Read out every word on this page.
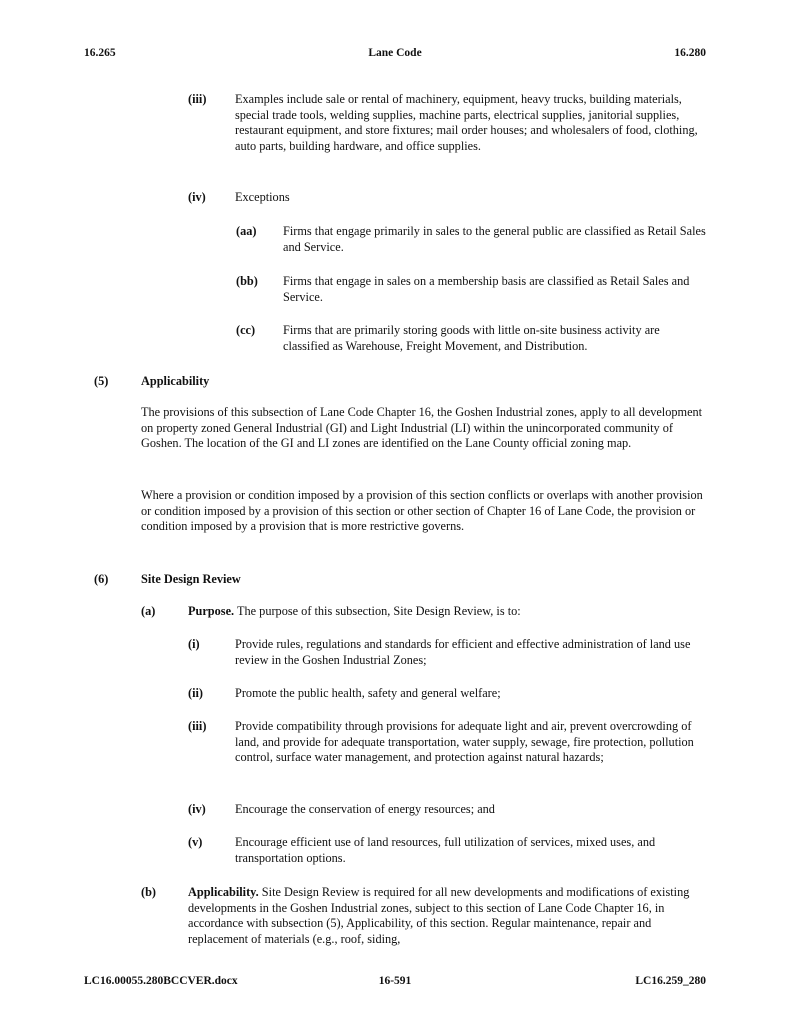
16.265	Lane Code	16.280
(iii) Examples include sale or rental of machinery, equipment, heavy trucks, building materials, special trade tools, welding supplies, machine parts, electrical supplies, janitorial supplies, restaurant equipment, and store fixtures; mail order houses; and wholesalers of food, clothing, auto parts, building hardware, and office supplies.
(iv) Exceptions
(aa) Firms that engage primarily in sales to the general public are classified as Retail Sales and Service.
(bb) Firms that engage in sales on a membership basis are classified as Retail Sales and Service.
(cc) Firms that are primarily storing goods with little on-site business activity are classified as Warehouse, Freight Movement, and Distribution.
(5)	Applicability
The provisions of this subsection of Lane Code Chapter 16, the Goshen Industrial zones, apply to all development on property zoned General Industrial (GI) and Light Industrial (LI) within the unincorporated community of Goshen. The location of the GI and LI zones are identified on the Lane County official zoning map.
Where a provision or condition imposed by a provision of this section conflicts or overlaps with another provision or condition imposed by a provision of this section or other section of Chapter 16 of Lane Code, the provision or condition imposed by a provision that is more restrictive governs.
(6)	Site Design Review
(a)	Purpose. The purpose of this subsection, Site Design Review, is to:
(i)	Provide rules, regulations and standards for efficient and effective administration of land use review in the Goshen Industrial Zones;
(ii)	Promote the public health, safety and general welfare;
(iii) Provide compatibility through provisions for adequate light and air, prevent overcrowding of land, and provide for adequate transportation, water supply, sewage, fire protection, pollution control, surface water management, and protection against natural hazards;
(iv) Encourage the conservation of energy resources; and
(v)	Encourage efficient use of land resources, full utilization of services, mixed uses, and transportation options.
(b)	Applicability. Site Design Review is required for all new developments and modifications of existing developments in the Goshen Industrial zones, subject to this section of Lane Code Chapter 16, in accordance with subsection (5), Applicability, of this section. Regular maintenance, repair and replacement of materials (e.g., roof, siding,
LC16.00055.280BCCVER.docx	16-591	LC16.259_280
